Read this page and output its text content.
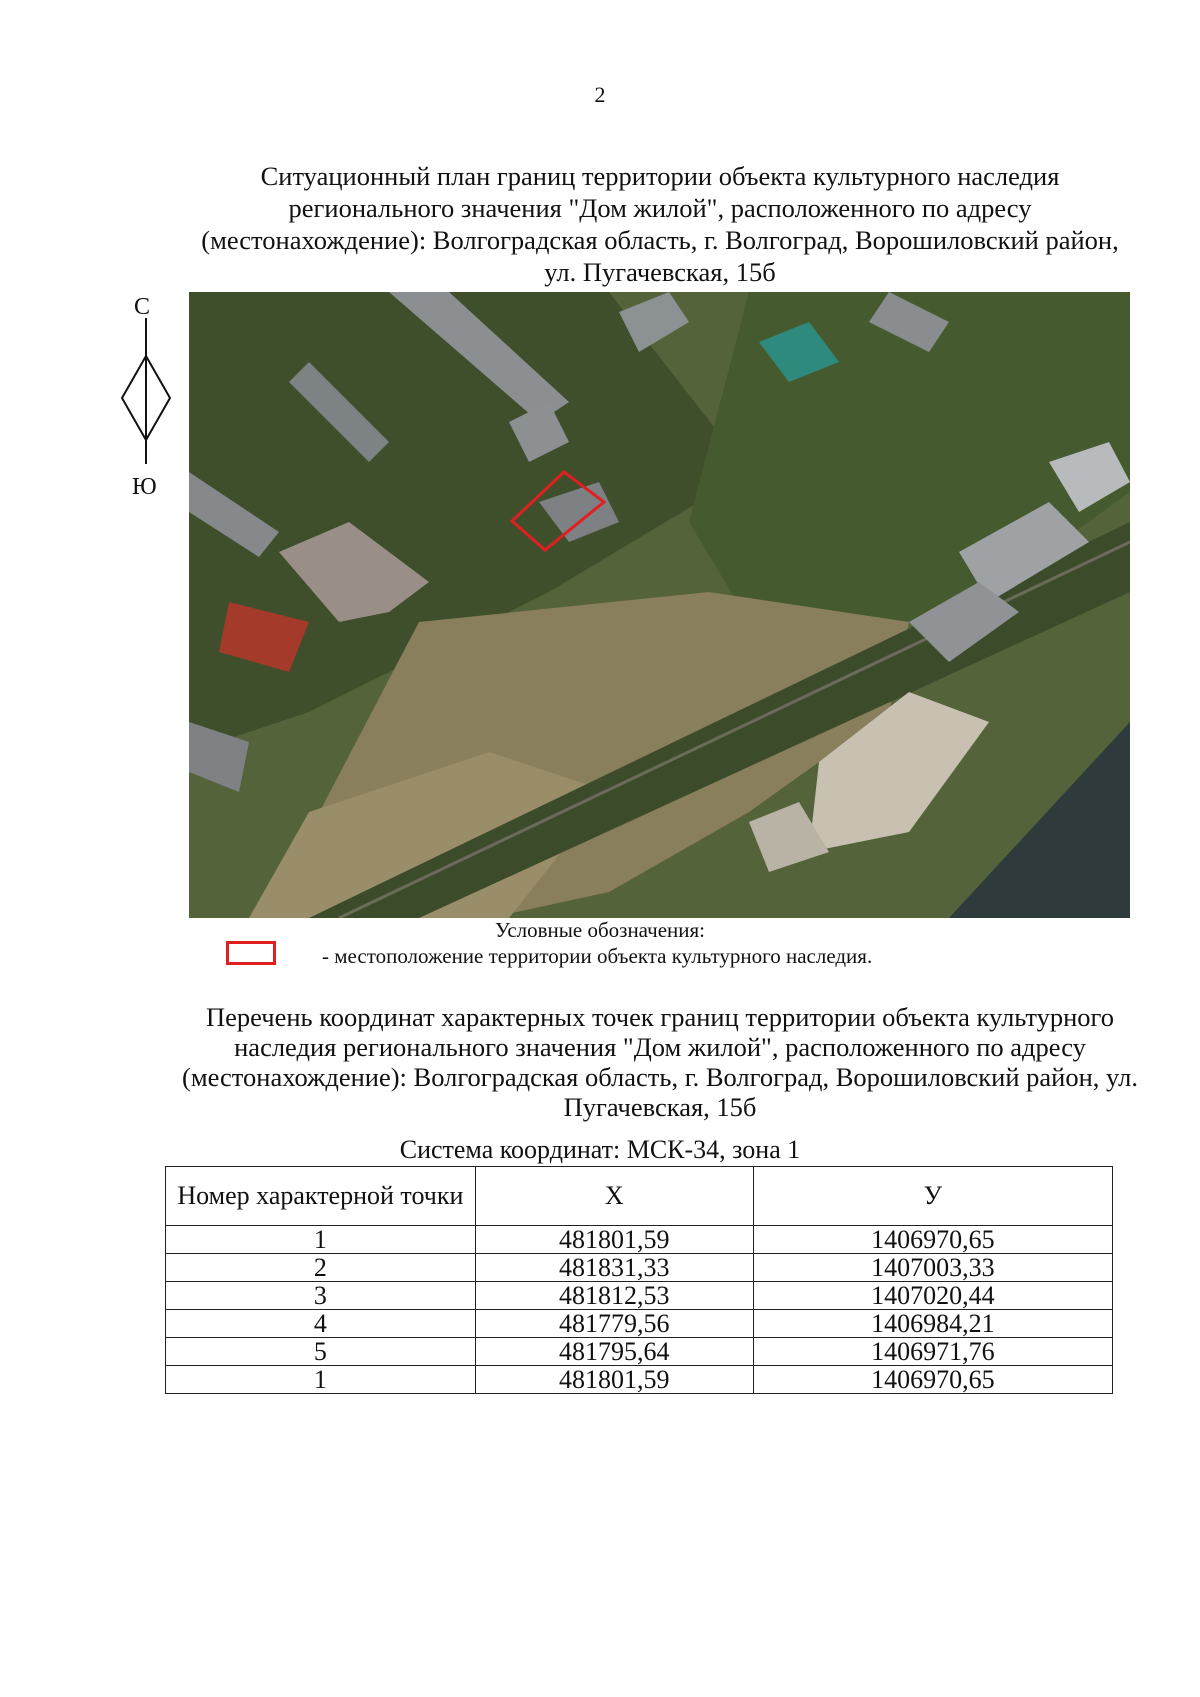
2
Ситуационный план границ территории объекта культурного наследия регионального значения "Дом жилой", расположенного по адресу (местонахождение): Волгоградская область, г. Волгоград, Ворошиловский район, ул. Пугачевская, 15б
С
Ю
Условные обозначения:
- местоположение территории объекта культурного наследия.
Перечень координат характерных точек границ территории объекта культурного наследия регионального значения "Дом жилой", расположенного по адресу (местонахождение): Волгоградская область, г. Волгоград, Ворошиловский район, ул. Пугачевская, 15б
Система координат: МСК-34, зона 1
Номер характерной точки	Х	У
1	481801,59	1406970,65
2	481831,33	1407003,33
3	481812,53	1407020,44
4	481779,56	1406984,21
5	481795,64	1406971,76
1	481801,59	1406970,65
